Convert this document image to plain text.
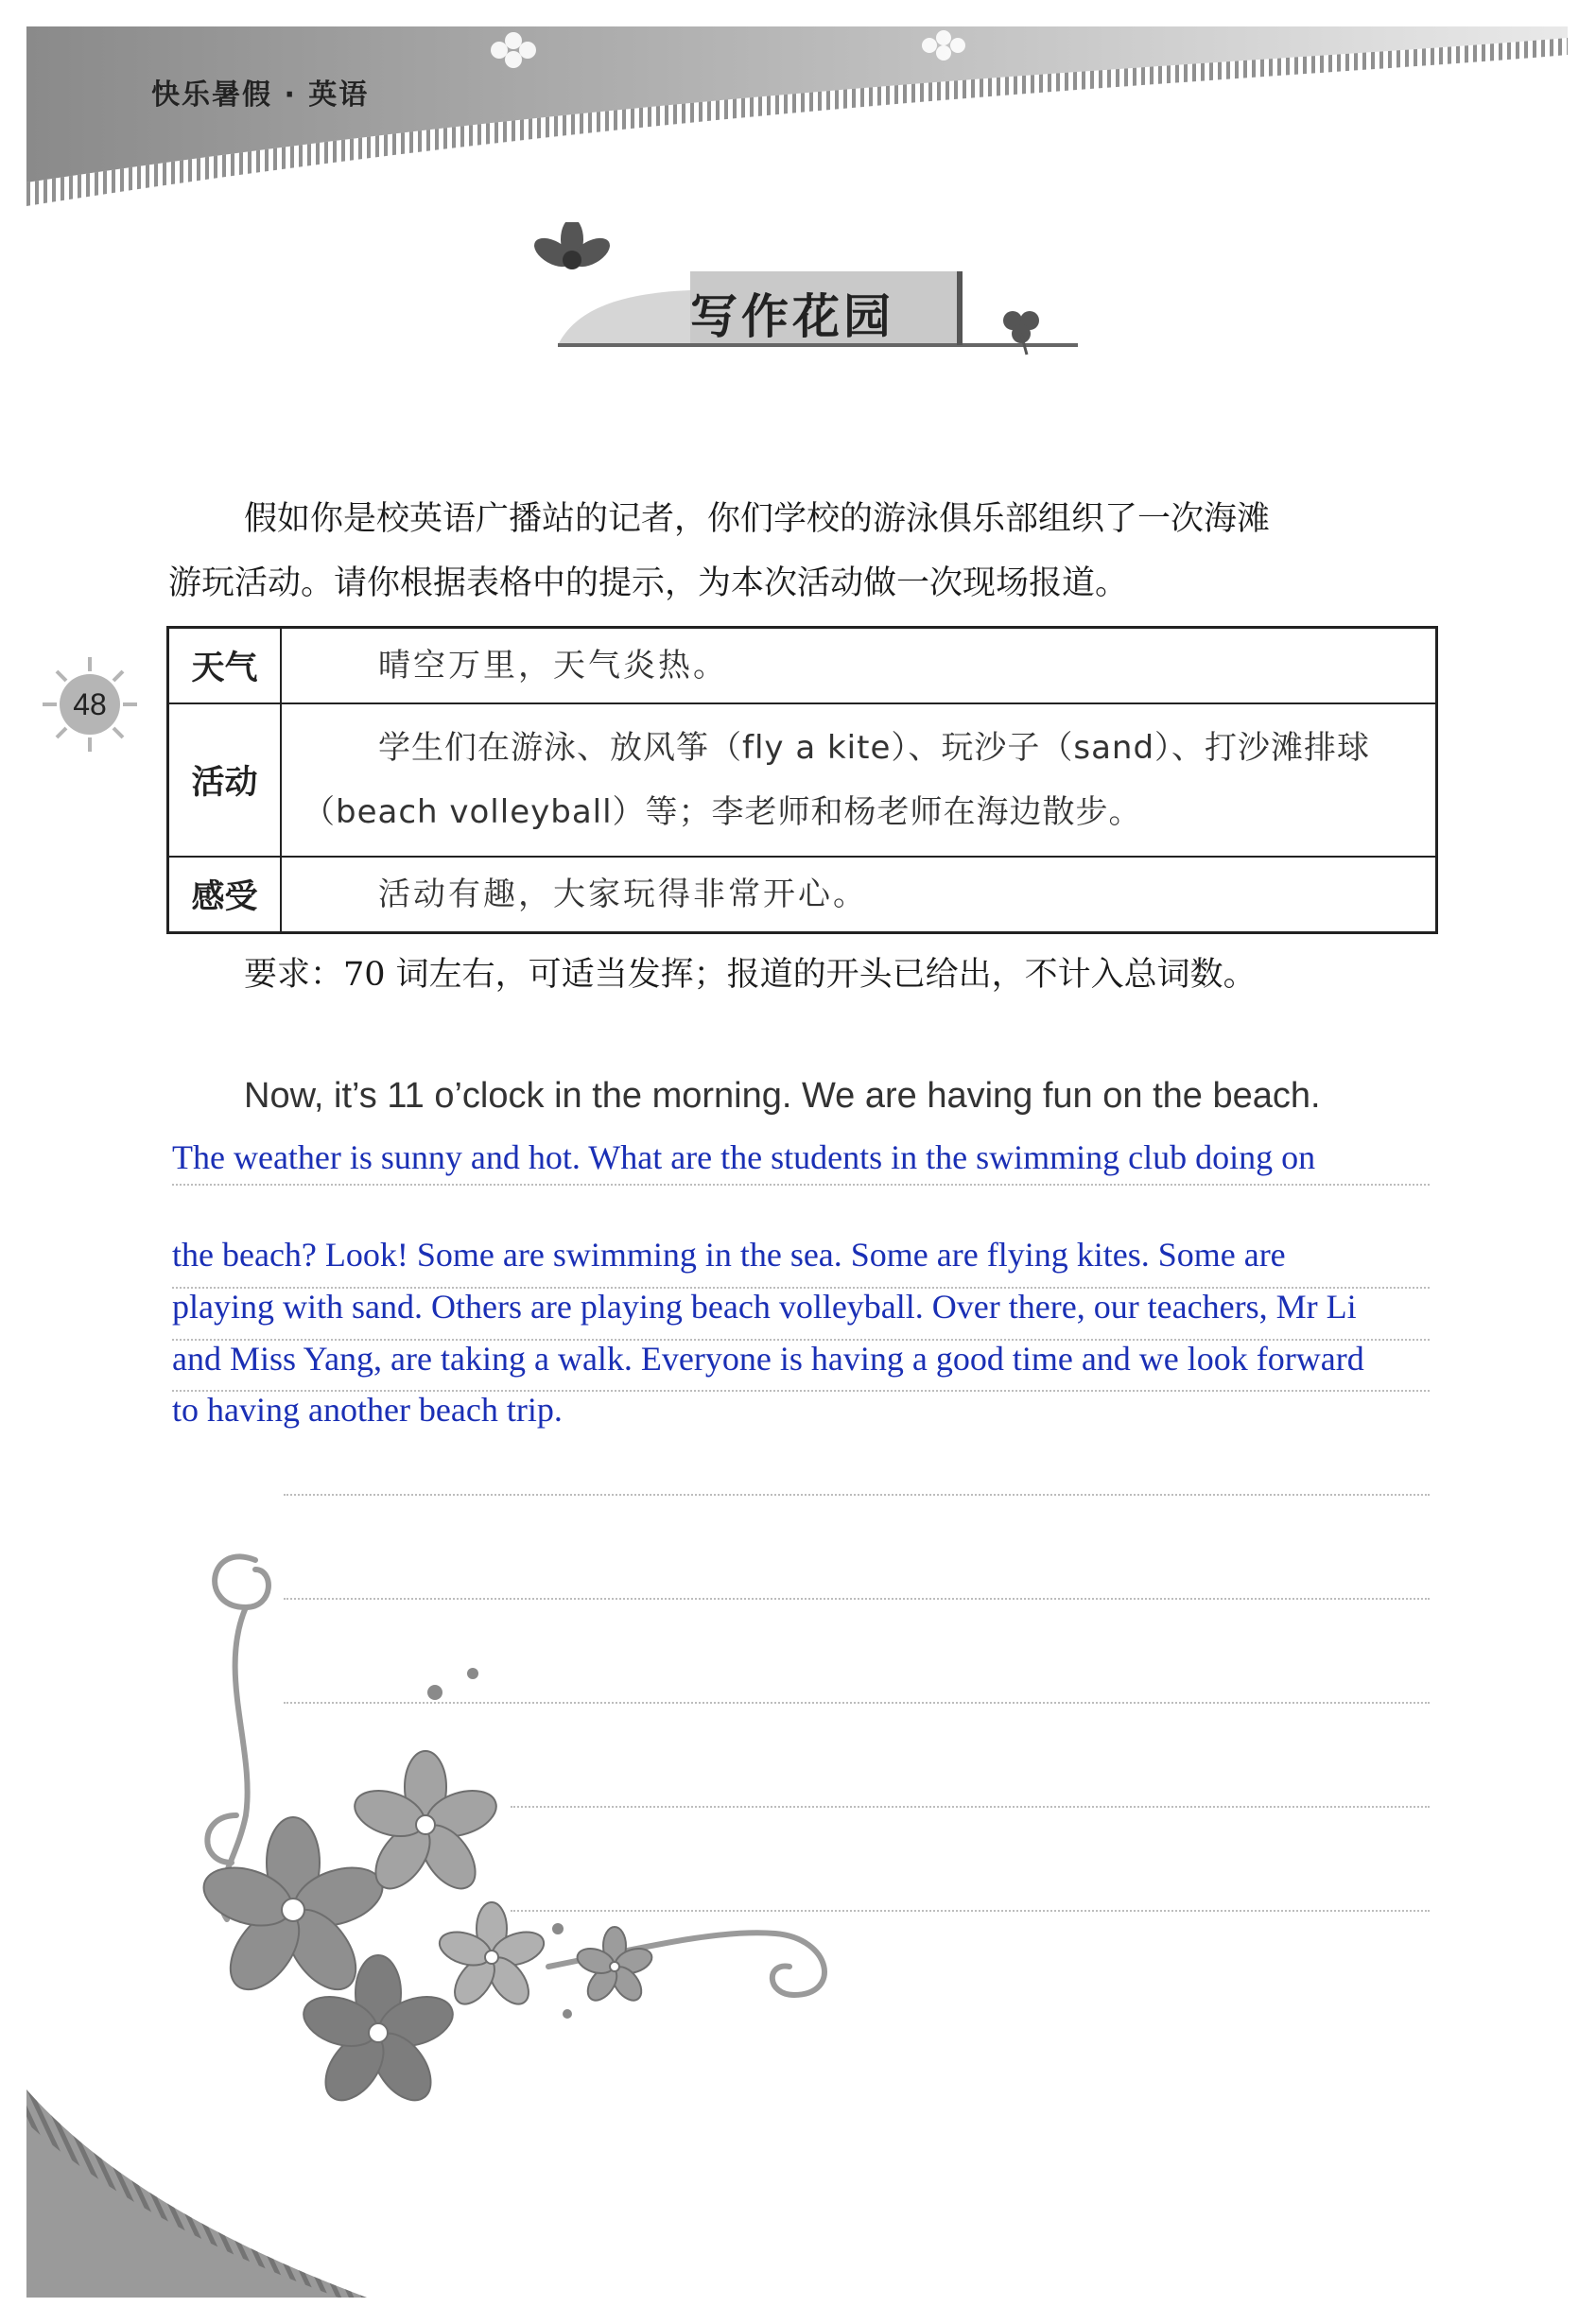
快乐暑假 · 英语
写作花园
48

假如你是校英语广播站的记者，你们学校的游泳俱乐部组织了一次海滩

游玩活动。请你根据表格中的提示，为本次活动做一次现场报道。

天气	晴空万里，天气炎热。

活动	学生们在游泳、放风筝（fly a kite）、玩沙子（sand）、打沙滩排球
（beach volleyball）等；李老师和杨老师在海边散步。

感受	活动有趣，大家玩得非常开心。
要求：70 词左右，可适当发挥；报道的开头已给出，不计入总词数。
Now, it’s 11 o’clock in the morning. We are having fun on the beach.
The weather is sunny and hot. What are the students in the swimming club doing on
the beach? Look! Some are swimming in the sea. Some are flying kites. Some are
playing with sand. Others are playing beach volleyball. Over there, our teachers, Mr Li
and Miss Yang, are taking a walk. Everyone is having a good time and we look forward
to having another beach trip.
